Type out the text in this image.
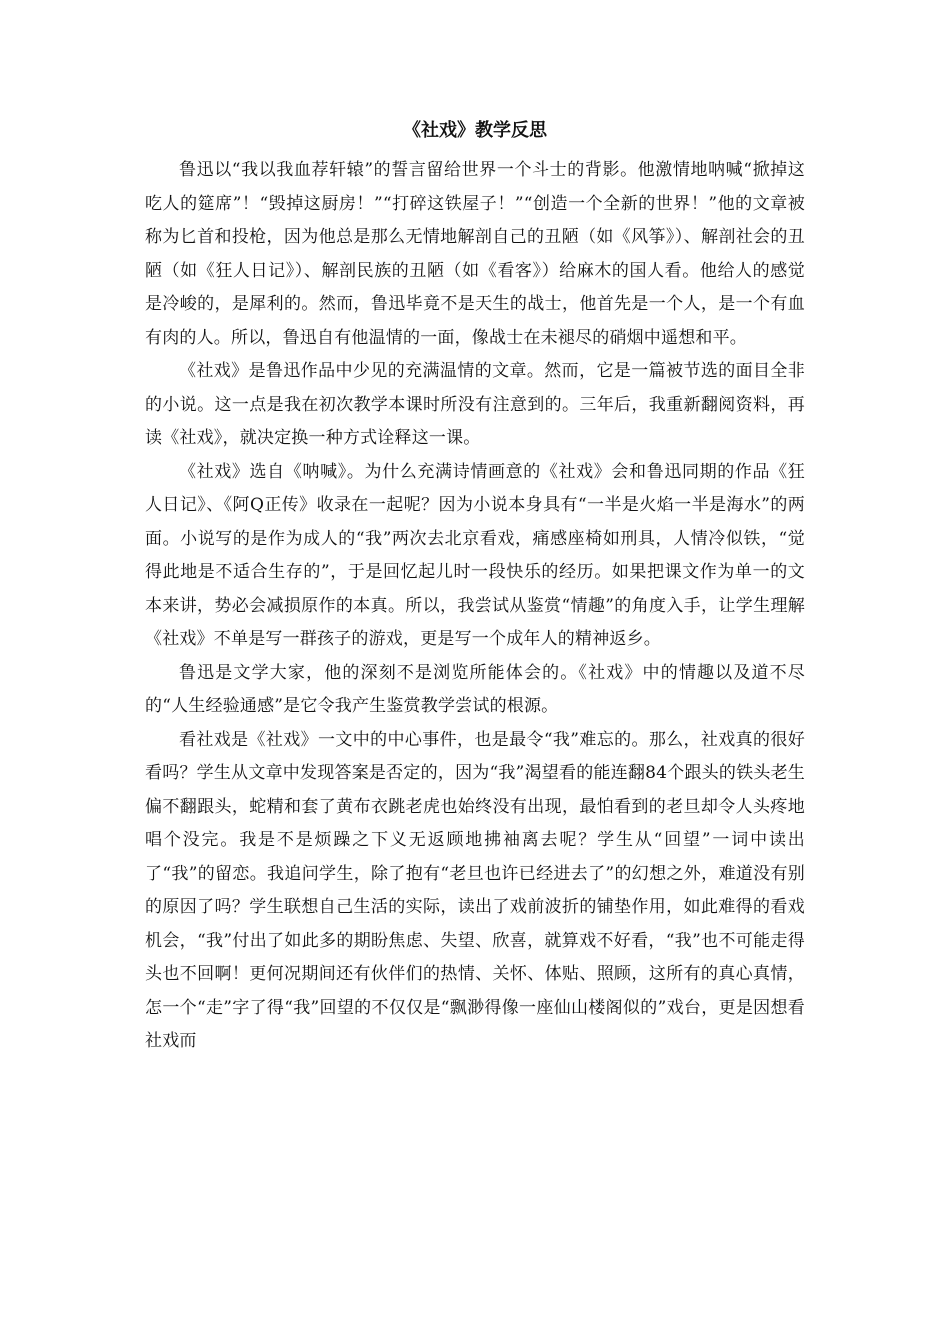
《社戏》教学反思

鲁迅以“我以我血荐轩辕”的誓言留给世界一个斗士的背影。他激情地呐喊“掀掉这吃人的筵席”！“毁掉这厨房！”“打碎这铁屋子！”“创造一个全新的世界！”他的文章被称为匕首和投枪，因为他总是那么无情地解剖自己的丑陋（如《风筝》）、解剖社会的丑陋（如《狂人日记》）、解剖民族的丑陋（如《看客》）给麻木的国人看。他给人的感觉是冷峻的，是犀利的。然而，鲁迅毕竟不是天生的战士，他首先是一个人，是一个有血有肉的人。所以，鲁迅自有他温情的一面，像战士在未褪尽的硝烟中遥想和平。

《社戏》是鲁迅作品中少见的充满温情的文章。然而，它是一篇被节选的面目全非的小说。这一点是我在初次教学本课时所没有注意到的。三年后，我重新翻阅资料，再读《社戏》，就决定换一种方式诠释这一课。

《社戏》选自《呐喊》。为什么充满诗情画意的《社戏》会和鲁迅同期的作品《狂人日记》、《阿Q正传》收录在一起呢？因为小说本身具有“一半是火焰一半是海水”的两面。小说写的是作为成人的“我”两次去北京看戏，痛感座椅如刑具，人情冷似铁，“觉得此地是不适合生存的”，于是回忆起儿时一段快乐的经历。如果把课文作为单一的文本来讲，势必会减损原作的本真。所以，我尝试从鉴赏“情趣”的角度入手，让学生理解《社戏》不单是写一群孩子的游戏，更是写一个成年人的精神返乡。

鲁迅是文学大家，他的深刻不是浏览所能体会的。《社戏》中的情趣以及道不尽的“人生经验通感”是它令我产生鉴赏教学尝试的根源。

看社戏是《社戏》一文中的中心事件，也是最令“我”难忘的。那么，社戏真的很好看吗？学生从文章中发现答案是否定的，因为“我”渴望看的能连翻84个跟头的铁头老生偏不翻跟头，蛇精和套了黄布衣跳老虎也始终没有出现，最怕看到的老旦却令人头疼地唱个没完。我是不是烦躁之下义无返顾地拂袖离去呢？学生从“回望”一词中读出了“我”的留恋。我追问学生，除了抱有“老旦也许已经进去了”的幻想之外，难道没有别的原因了吗？学生联想自己生活的实际，读出了戏前波折的铺垫作用，如此难得的看戏机会，“我”付出了如此多的期盼焦虑、失望、欣喜，就算戏不好看，“我”也不可能走得头也不回啊！更何况期间还有伙伴们的热情、关怀、体贴、照顾，这所有的真心真情，怎一个“走”字了得“我”回望的不仅仅是“飘渺得像一座仙山楼阁似的”戏台，更是因想看社戏而
